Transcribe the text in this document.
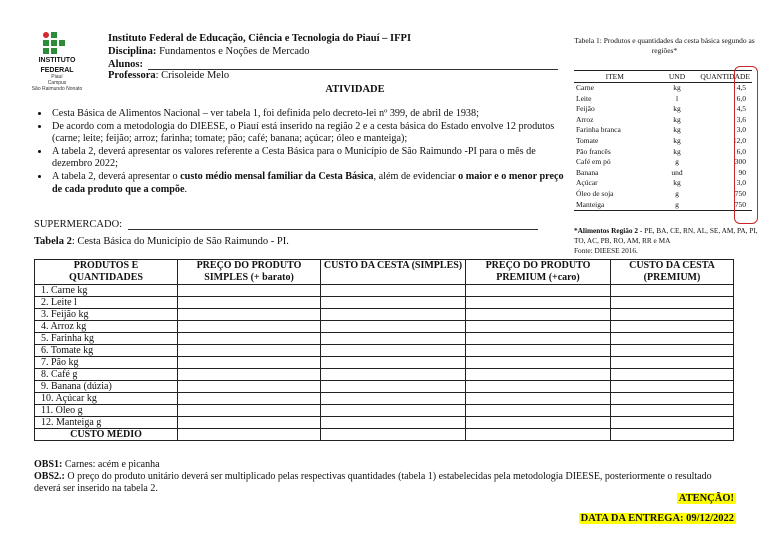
INSTITUTO
FEDERAL
Piauí
Campus
São Raimundo Nonato
Instituto Federal de Educação, Ciência e Tecnologia do Piauí – IFPI
Disciplina: Fundamentos e Noções de Mercado
Alunos:
Professora: Crisoleide Melo
ATIVIDADE
• Cesta Básica de Alimentos Nacional – ver tabela 1, foi definida pelo decreto-lei nº 399, de abril de 1938;
• De acordo com a metodologia do DIEESE, o Piauí está inserido na região 2 e a cesta básica do Estado envolve 12 produtos (carne; leite; feijão; arroz; farinha; tomate; pão; café; banana; açúcar; óleo e manteiga);
• A tabela 2, deverá apresentar os valores referente a Cesta Básica para o Município de São Raimundo -PI para o mês de dezembro 2022;
• A tabela 2, deverá apresentar o custo médio mensal familiar da Cesta Básica, além de evidenciar o maior e o menor preço de cada produto que a compõe.
SUPERMERCADO:
Tabela 2: Cesta Básica do Município de São Raimundo - PI.
Tabela 1: Produtos e quantidades da cesta básica segundo as regiões*
ITEM	UND	QUANTIDADE
Carne	kg	4,5
Leite	l	6,0
Feijão	kg	4,5
Arroz	kg	3,6
Farinha branca	kg	3,0
Tomate	kg	12,0
Pão francês	kg	6,0
Café em pó	g	300
Banana	und	90
Açúcar	kg	3,0
Óleo de soja	g	750
Manteiga	g	750
*Alimentos Região 2 - PE, BA, CE, RN, AL, SE, AM, PA, PI, TO, AC, PB, RO, AM, RR e MA
Fonte: DIEESE 2016.
PRODUTOS E QUANTIDADES	PREÇO DO PRODUTO SIMPLES (+ barato)	CUSTO DA CESTA (SIMPLES)	PREÇO DO PRODUTO PREMIUM (+caro)	CUSTO DA CESTA (PREMIUM)
1. Carne kg				
2. Leite l				
3. Feijão kg				
4. Arroz kg				
5. Farinha kg				
6. Tomate kg				
7. Pão kg				
8. Café g				
9. Banana (dúzia)				
10. Açúcar kg				
11. Óleo g				
12. Manteiga g				
CUSTO MÉDIO				
OBS1: Carnes: acém e picanha
OBS2.: O preço do produto unitário deverá ser multiplicado pelas respectivas quantidades (tabela 1) estabelecidas pela metodologia DIEESE, posteriormente o resultado deverá ser inserido na tabela 2.
ATENÇÃO!
DATA DA ENTREGA: 09/12/2022
